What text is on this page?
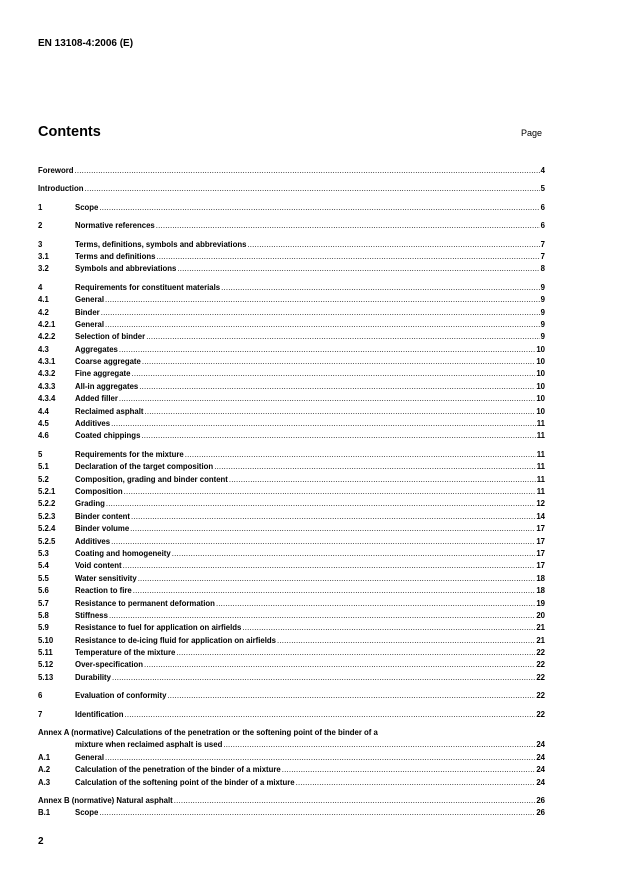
EN 13108-4:2006 (E)
Contents	Page
Foreword .....	4
Introduction .....	5
1	Scope .....	6
2	Normative references .....	6
3	Terms, definitions, symbols and abbreviations .....	7
3.1	Terms and definitions .....	7
3.2	Symbols and abbreviations .....	8
4	Requirements for constituent materials .....	9
4.1	General .....	9
4.2	Binder .....	9
4.2.1	General .....	9
4.2.2	Selection of binder .....	9
4.3	Aggregates .....	10
4.3.1	Coarse aggregate .....	10
4.3.2	Fine aggregate .....	10
4.3.3	All-in aggregates .....	10
4.3.4	Added filler .....	10
4.4	Reclaimed asphalt .....	10
4.5	Additives .....	11
4.6	Coated chippings .....	11
5	Requirements for the mixture .....	11
5.1	Declaration of the target composition .....	11
5.2	Composition, grading and binder content .....	11
5.2.1	Composition .....	11
5.2.2	Grading .....	12
5.2.3	Binder content .....	14
5.2.4	Binder volume .....	17
5.2.5	Additives .....	17
5.3	Coating and homogeneity .....	17
5.4	Void content .....	17
5.5	Water sensitivity .....	18
5.6	Reaction to fire .....	18
5.7	Resistance to permanent deformation .....	19
5.8	Stiffness .....	20
5.9	Resistance to fuel for application on airfields .....	21
5.10	Resistance to de-icing fluid for application on airfields .....	21
5.11	Temperature of the mixture .....	22
5.12	Over-specification .....	22
5.13	Durability .....	22
6	Evaluation of conformity .....	22
7	Identification .....	22
Annex A (normative) Calculations of the penetration or the softening point of the binder of a
mixture when reclaimed asphalt is used .....	24
A.1	General .....	24
A.2	Calculation of the penetration of the binder of a mixture .....	24
A.3	Calculation of the softening point of the binder of a mixture .....	24
Annex B (normative) Natural asphalt .....	26
B.1	Scope .....	26
2
